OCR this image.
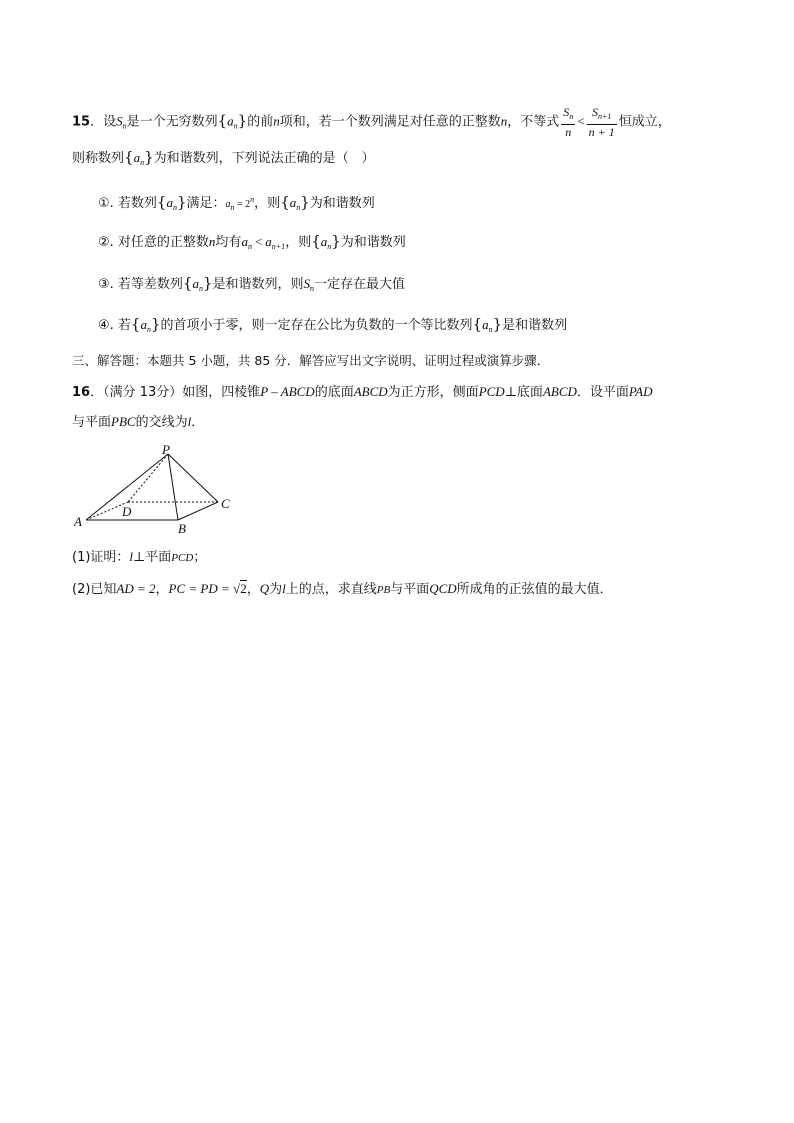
15．设$S_n$是一个无穷数列$\{a_n\}$的前n项和，若一个数列满足对任意的正整数n，不等式 $\frac{S_n}{n} < \frac{S_{n+1}}{n + 1}$ 恒成立，
则称数列$\{a_n\}$为和谐数列，下列说法正确的是（　）
①. 若数列$\{a_n\}$满足：$a_n = 2^n$，则$\{a_n\}$为和谐数列
②. 对任意的正整数n均有$a_n < a_{n+1}$，则$\{a_n\}$为和谐数列
③. 若等差数列$\{a_n\}$是和谐数列，则$S_n$一定存在最大值
④. 若$\{a_n\}$的首项小于零，则一定存在公比为负数的一个等比数列$\{a_n\}$是和谐数列
三、解答题：本题共 5 小题，共 85 分．解答应写出文字说明、证明过程或演算步骤．
16．（满分 13分）如图，四棱锥P – ABCD的底面ABCD为正方形，侧面PCD⊥底面ABCD．设平面PAD
与平面PBC的交线为l．
P
A	B
C
D
(1)证明：l⊥平面PCD；
(2)已知AD = 2，PC = PD = √2，Q为l上的点，求直线PB与平面QCD所成角的正弦值的最大值．
